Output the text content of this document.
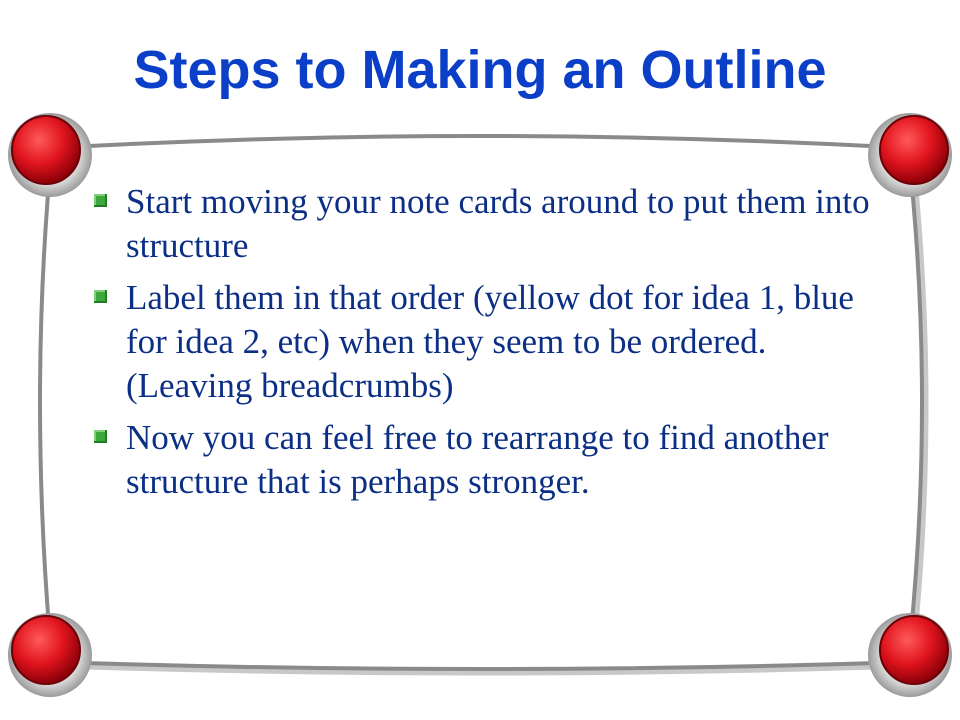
Steps to Making an Outline
Start moving your note cards around to put them into structure
Label them in that order (yellow dot for idea 1, blue for idea 2, etc) when they seem to be ordered. (Leaving breadcrumbs)
Now you can feel free to rearrange to find another structure that is perhaps stronger.
